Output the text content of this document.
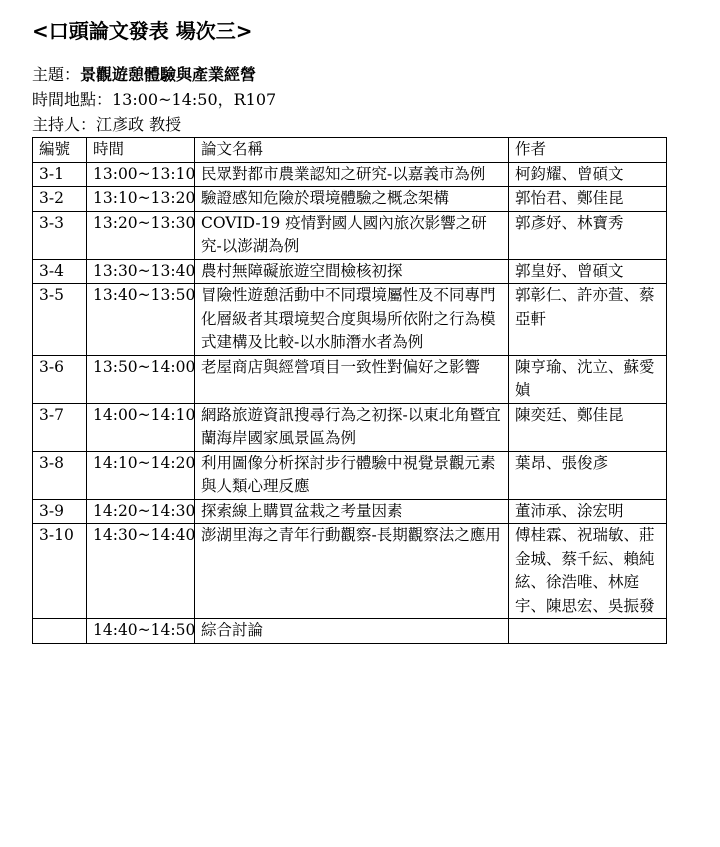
<口頭論文發表 場次三>
主題：景觀遊憩體驗與產業經營
時間地點：13:00~14:50，R107
主持人：江彥政 教授
編號	時間	論文名稱	作者
3-1	13:00~13:10	民眾對都市農業認知之研究-以嘉義市為例	柯鈞耀、曾碩文
3-2	13:10~13:20	驗證感知危險於環境體驗之概念架構	郭怡君、鄭佳昆
3-3	13:20~13:30	COVID-19 疫情對國人國內旅次影響之研究-以澎湖為例	郭彥妤、林寶秀
3-4	13:30~13:40	農村無障礙旅遊空間檢核初探	郭皇妤、曾碩文
3-5	13:40~13:50	冒險性遊憩活動中不同環境屬性及不同專門化層級者其環境契合度與場所依附之行為模式建構及比較-以水肺潛水者為例	郭彰仁、許亦萱、蔡亞軒
3-6	13:50~14:00	老屋商店與經營項目一致性對偏好之影響	陳亨瑜、沈立、蘇愛媜
3-7	14:00~14:10	網路旅遊資訊搜尋行為之初探-以東北角暨宜蘭海岸國家風景區為例	陳奕廷、鄭佳昆
3-8	14:10~14:20	利用圖像分析探討步行體驗中視覺景觀元素與人類心理反應	葉昂、張俊彥
3-9	14:20~14:30	探索線上購買盆栽之考量因素	董沛承、涂宏明
3-10	14:30~14:40	澎湖里海之青年行動觀察-長期觀察法之應用	傅桂霖、祝瑞敏、莊金城、蔡千紜、賴純絃、徐浩唯、林庭宇、陳思宏、吳振發
	14:40~14:50	綜合討論	
